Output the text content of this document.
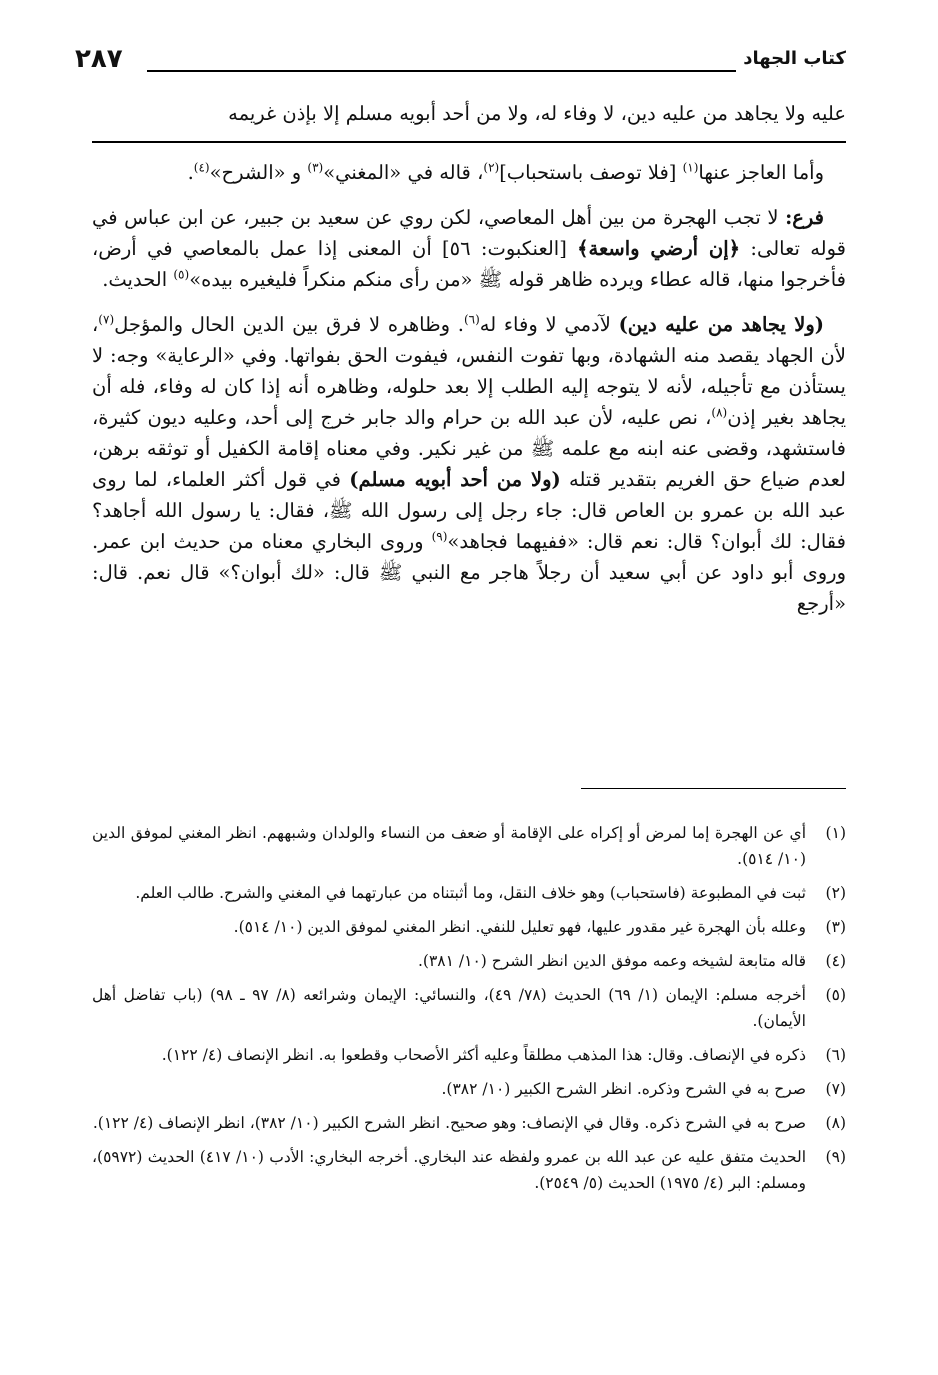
كتاب الجهاد
٢٨٧

عليه ولا يجاهد من عليه دين، لا وفاء له، ولا من أحد أبويه مسلم إلا بإذن غريمه

وأما العاجز عنها$^{(١)}$ [فلا توصف باستحباب]$^{(٢)}$، قاله في «المغني»$^{(٣)}$ و «الشرح»$^{(٤)}$.

فرع: لا تجب الهجرة من بين أهل المعاصي، لكن روي عن سعيد بن جبير، عن ابن عباس في قوله تعالى: ﴿إن أرضي واسعة﴾ [العنكبوت: ٥٦] أن المعنى إذا عمل بالمعاصي في أرض، فأخرجوا منها، قاله عطاء ويرده ظاهر قوله ﷺ «من رأى منكم منكراً فليغيره بيده»$^{(٥)}$ الحديث.

(ولا يجاهد من عليه دين) لآدمي لا وفاء له$^{(٦)}$. وظاهره لا فرق بين الدين الحال والمؤجل$^{(٧)}$، لأن الجهاد يقصد منه الشهادة، وبها تفوت النفس، فيفوت الحق بفواتها. وفي «الرعاية» وجه: لا يستأذن مع تأجيله، لأنه لا يتوجه إليه الطلب إلا بعد حلوله، وظاهره أنه إذا كان له وفاء، فله أن يجاهد بغير إذن$^{(٨)}$، نص عليه، لأن عبد الله بن حرام والد جابر خرج إلى أحد، وعليه ديون كثيرة، فاستشهد، وقضى عنه ابنه مع علمه ﷺ من غير نكير. وفي معناه إقامة الكفيل أو توثقه برهن، لعدم ضياع حق الغريم بتقدير قتله (ولا من أحد أبويه مسلم) في قول أكثر العلماء، لما روى عبد الله بن عمرو بن العاص قال: جاء رجل إلى رسول الله ﷺ، فقال: يا رسول الله أجاهد؟ فقال: لك أبوان؟ قال: نعم قال: «ففيهما فجاهد»$^{(٩)}$ وروى البخاري معناه من حديث ابن عمر. وروى أبو داود عن أبي سعيد أن رجلاً هاجر مع النبي ﷺ قال: «لك أبوان؟» قال نعم. قال: «أرجع

(١)
أي عن الهجرة إما لمرض أو إكراه على الإقامة أو ضعف من النساء والولدان وشبههم. انظر المغني لموفق الدين (١٠/ ٥١٤).
(٢)
ثبت في المطبوعة (فاستحباب) وهو خلاف النقل، وما أثبتناه من عبارتهما في المغني والشرح. طالب العلم.
(٣)
وعلله بأن الهجرة غير مقدور عليها، فهو تعليل للنفي. انظر المغني لموفق الدين (١٠/ ٥١٤).
(٤)
قاله متابعة لشيخه وعمه موفق الدين انظر الشرح (١٠/ ٣٨١).
(٥)
أخرجه مسلم: الإيمان (١/ ٦٩) الحديث (٧٨/ ٤٩)، والنسائي: الإيمان وشرائعه (٨/ ٩٧ ـ ٩٨) (باب تفاضل أهل الأيمان).
(٦)
ذكره في الإنصاف. وقال: هذا المذهب مطلقاً وعليه أكثر الأصحاب وقطعوا به. انظر الإنصاف (٤/ ١٢٢).
(٧)
صرح به في الشرح وذكره. انظر الشرح الكبير (١٠/ ٣٨٢).
(٨)
صرح به في الشرح ذكره. وقال في الإنصاف: وهو صحيح. انظر الشرح الكبير (١٠/ ٣٨٢)، انظر الإنصاف (٤/ ١٢٢).
(٩)
الحديث متفق عليه عن عبد الله بن عمرو ولفظه عند البخاري. أخرجه البخاري: الأدب (١٠/ ٤١٧) الحديث (٥٩٧٢)، ومسلم: البر (٤/ ١٩٧٥) الحديث (٥/ ٢٥٤٩).
